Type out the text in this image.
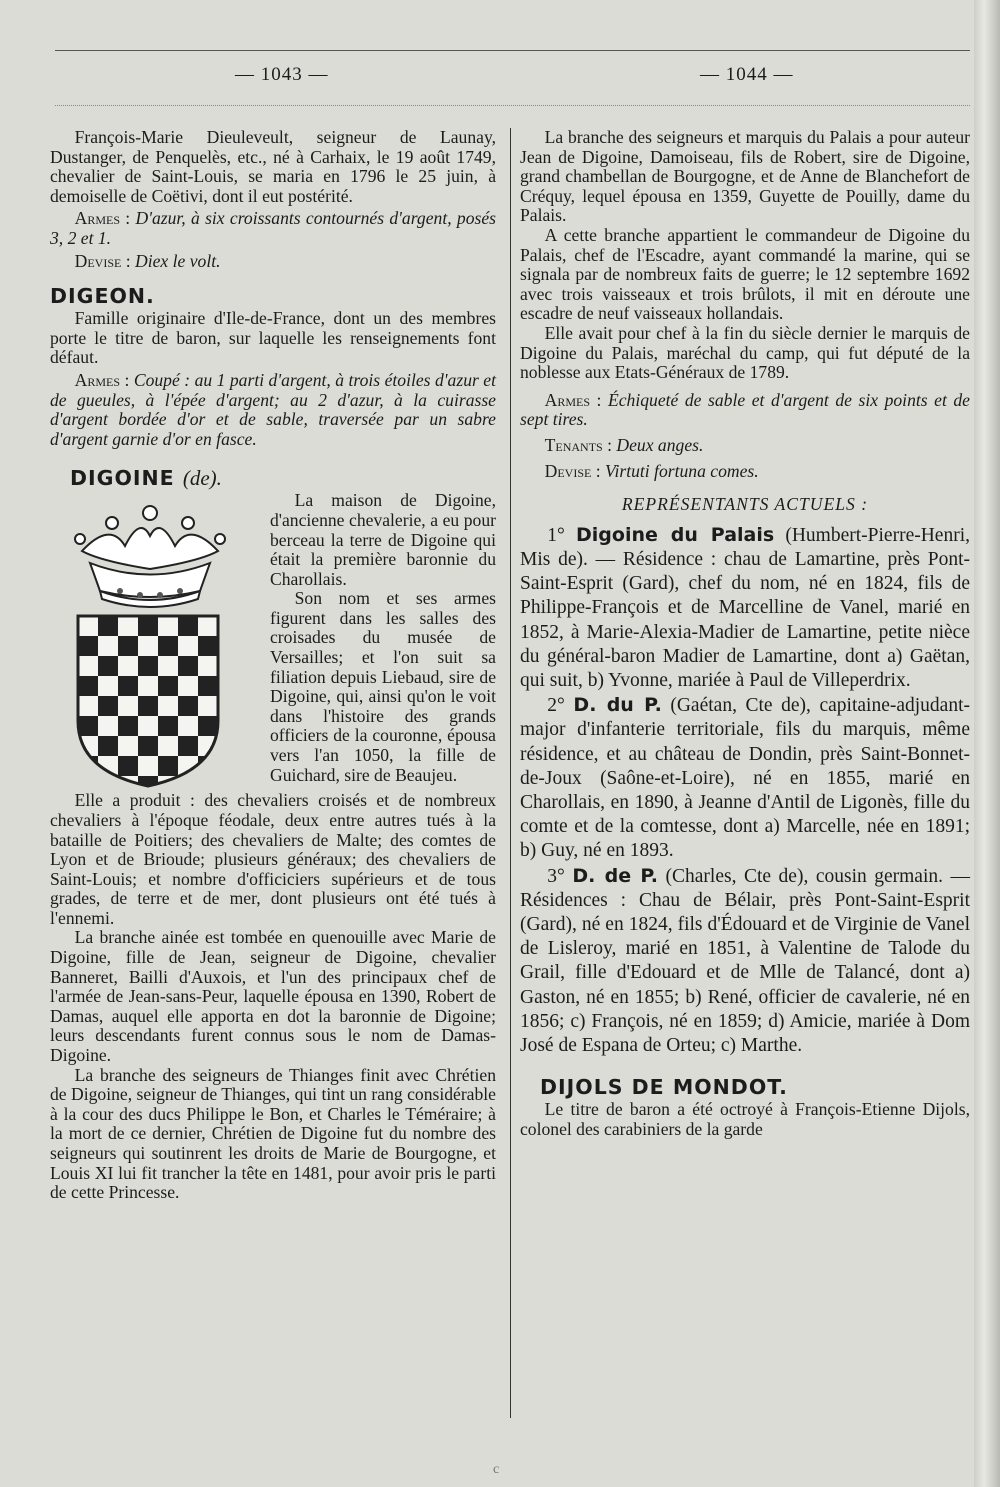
— 1043 —	— 1044 —

François-Marie Dieuleveult, seigneur de Launay, Dustanger, de Penquelès, etc., né à Carhaix, le 19 août 1749, chevalier de Saint-Louis, se maria en 1796 le 25 juin, à demoiselle de Coëtivi, dont il eut postérité.

Armes : D'azur, à six croissants contournés d'argent, posés 3, 2 et 1.

Devise : Diex le volt.

DIGEON.

Famille originaire d'Ile-de-France, dont un des membres porte le titre de baron, sur laquelle les renseignements font défaut.

Armes : Coupé : au 1 parti d'argent, à trois étoiles d'azur et de gueules, à l'épée d'argent; au 2 d'azur, à la cuirasse d'argent bordée d'or et de sable, traversée par un sabre d'argent garnie d'or en fasce.

DIGOINE (de).

La maison de Digoine, d'ancienne chevalerie, a eu pour berceau la terre de Digoine qui était la première baronnie du Charollais.

Son nom et ses armes figurent dans les salles des croisades du musée de Versailles; et l'on suit sa filiation depuis Liebaud, sire de Digoine, qui, ainsi qu'on le voit dans l'histoire des grands officiers de la couronne, épousa vers l'an 1050, la fille de Guichard, sire de Beaujeu.

Elle a produit : des chevaliers croisés et de nombreux chevaliers à l'époque féodale, deux entre autres tués à la bataille de Poitiers; des chevaliers de Malte; des comtes de Lyon et de Brioude; plusieurs généraux; des chevaliers de Saint-Louis; et nombre d'officiciers supérieurs et de tous grades, de terre et de mer, dont plusieurs ont été tués à l'ennemi.

La branche ainée est tombée en quenouille avec Marie de Digoine, fille de Jean, seigneur de Digoine, chevalier Banneret, Bailli d'Auxois, et l'un des principaux chef de l'armée de Jean-sans-Peur, laquelle épousa en 1390, Robert de Damas, auquel elle apporta en dot la baronnie de Digoine; leurs descendants furent connus sous le nom de Damas-Digoine.

La branche des seigneurs de Thianges finit avec Chrétien de Digoine, seigneur de Thianges, qui tint un rang considérable à la cour des ducs Philippe le Bon, et Charles le Téméraire; à la mort de ce dernier, Chrétien de Digoine fut du nombre des seigneurs qui soutinrent les droits de Marie de Bourgogne, et Louis XI lui fit trancher la tête en 1481, pour avoir pris le parti de cette Princesse.

La branche des seigneurs et marquis du Palais a pour auteur Jean de Digoine, Damoiseau, fils de Robert, sire de Digoine, grand chambellan de Bourgogne, et de Anne de Blanchefort de Créquy, lequel épousa en 1359, Guyette de Pouilly, dame du Palais.

A cette branche appartient le commandeur de Digoine du Palais, chef de l'Escadre, ayant commandé la marine, qui se signala par de nombreux faits de guerre; le 12 septembre 1692 avec trois vaisseaux et trois brûlots, il mit en déroute une escadre de neuf vaisseaux hollandais.

Elle avait pour chef à la fin du siècle dernier le marquis de Digoine du Palais, maréchal du camp, qui fut député de la noblesse aux Etats-Généraux de 1789.

Armes : Échiqueté de sable et d'argent de six points et de sept tires.

Tenants : Deux anges.

Devise : Virtuti fortuna comes.

REPRÉSENTANTS ACTUELS :

1° Digoine du Palais (Humbert-Pierre-Henri, Mis de). — Résidence : chau de Lamartine, près Pont-Saint-Esprit (Gard), chef du nom, né en 1824, fils de Philippe-François et de Marcelline de Vanel, marié en 1852, à Marie-Alexia-Madier de Lamartine, petite nièce du général-baron Madier de Lamartine, dont a) Gaëtan, qui suit, b) Yvonne, mariée à Paul de Villeperdrix.

2° D. du P. (Gaétan, Cte de), capitaine-adjudant-major d'infanterie territoriale, fils du marquis, même résidence, et au château de Dondin, près Saint-Bonnet-de-Joux (Saône-et-Loire), né en 1855, marié en Charollais, en 1890, à Jeanne d'Antil de Ligonès, fille du comte et de la comtesse, dont a) Marcelle, née en 1891; b) Guy, né en 1893.

3° D. de P. (Charles, Cte de), cousin germain. — Résidences : Chau de Bélair, près Pont-Saint-Esprit (Gard), né en 1824, fils d'Édouard et de Virginie de Vanel de Lisleroy, marié en 1851, à Valentine de Talode du Grail, fille d'Edouard et de Mlle de Talancé, dont a) Gaston, né en 1855; b) René, officier de cavalerie, né en 1856; c) François, né en 1859; d) Amicie, mariée à Dom José de Espana de Orteu; c) Marthe.

DIJOLS DE MONDOT.

Le titre de baron a été octroyé à François-Etienne Dijols, colonel des carabiniers de la garde

c
